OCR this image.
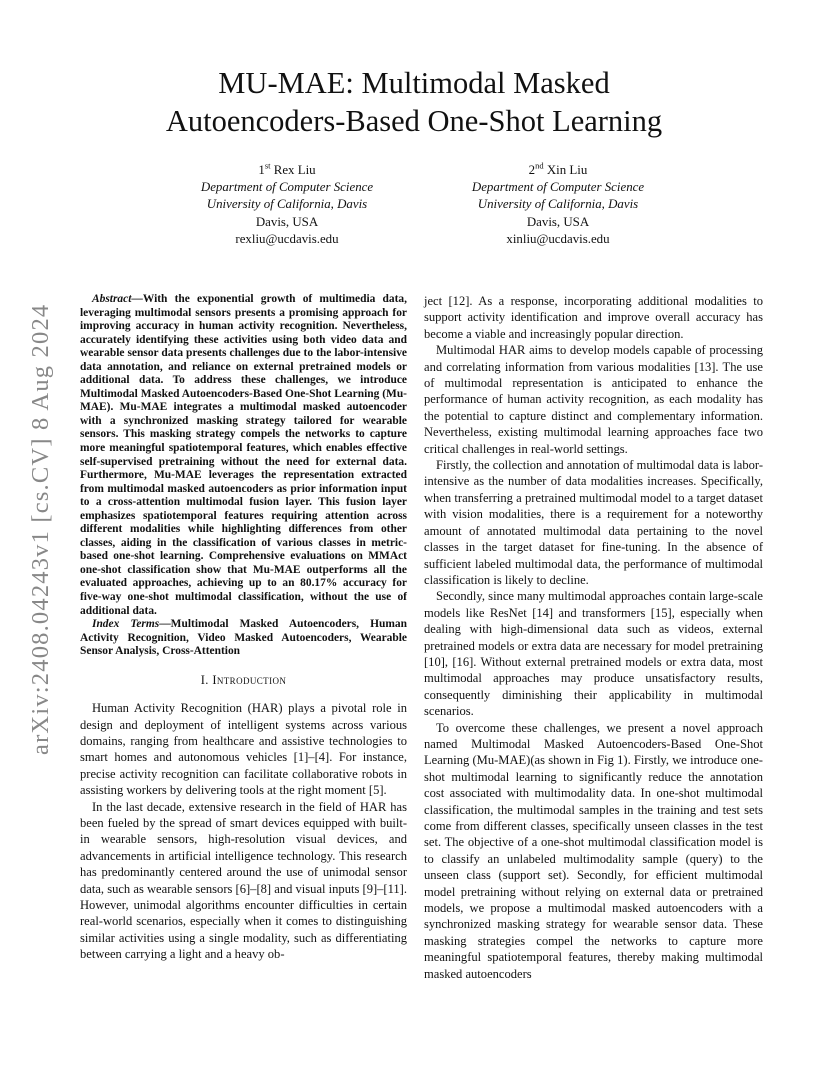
arXiv:2408.04243v1 [cs.CV] 8 Aug 2024
MU-MAE: Multimodal Masked
Autoencoders-Based One-Shot Learning
1st Rex Liu
Department of Computer Science
University of California, Davis
Davis, USA
rexliu@ucdavis.edu
2nd Xin Liu
Department of Computer Science
University of California, Davis
Davis, USA
xinliu@ucdavis.edu

Abstract—With the exponential growth of multimedia data, leveraging multimodal sensors presents a promising approach for improving accuracy in human activity recognition. Nevertheless, accurately identifying these activities using both video data and wearable sensor data presents challenges due to the labor-intensive data annotation, and reliance on external pretrained models or additional data. To address these challenges, we introduce Multimodal Masked Autoencoders-Based One-Shot Learning (Mu-MAE). Mu-MAE integrates a multimodal masked autoencoder with a synchronized masking strategy tailored for wearable sensors. This masking strategy compels the networks to capture more meaningful spatiotemporal features, which enables effective self-supervised pretraining without the need for external data. Furthermore, Mu-MAE leverages the representation extracted from multimodal masked autoencoders as prior information input to a cross-attention multimodal fusion layer. This fusion layer emphasizes spatiotemporal features requiring attention across different modalities while highlighting differences from other classes, aiding in the classification of various classes in metric-based one-shot learning. Comprehensive evaluations on MMAct one-shot classification show that Mu-MAE outperforms all the evaluated approaches, achieving up to an 80.17% accuracy for five-way one-shot multimodal classification, without the use of additional data.

Index Terms—Multimodal Masked Autoencoders, Human Activity Recognition, Video Masked Autoencoders, Wearable Sensor Analysis, Cross-Attention

I. Introduction

Human Activity Recognition (HAR) plays a pivotal role in design and deployment of intelligent systems across various domains, ranging from healthcare and assistive technologies to smart homes and autonomous vehicles [1]–[4]. For instance, precise activity recognition can facilitate collaborative robots in assisting workers by delivering tools at the right moment [5].

In the last decade, extensive research in the field of HAR has been fueled by the spread of smart devices equipped with built-in wearable sensors, high-resolution visual devices, and advancements in artificial intelligence technology. This research has predominantly centered around the use of unimodal sensor data, such as wearable sensors [6]–[8] and visual inputs [9]–[11]. However, unimodal algorithms encounter difficulties in certain real-world scenarios, especially when it comes to distinguishing similar activities using a single modality, such as differentiating between carrying a light and a heavy ob-

ject [12]. As a response, incorporating additional modalities to support activity identification and improve overall accuracy has become a viable and increasingly popular direction.

Multimodal HAR aims to develop models capable of processing and correlating information from various modalities [13]. The use of multimodal representation is anticipated to enhance the performance of human activity recognition, as each modality has the potential to capture distinct and complementary information. Nevertheless, existing multimodal learning approaches face two critical challenges in real-world settings.

Firstly, the collection and annotation of multimodal data is labor-intensive as the number of data modalities increases. Specifically, when transferring a pretrained multimodal model to a target dataset with vision modalities, there is a requirement for a noteworthy amount of annotated multimodal data pertaining to the novel classes in the target dataset for fine-tuning. In the absence of sufficient labeled multimodal data, the performance of multimodal classification is likely to decline.

Secondly, since many multimodal approaches contain large-scale models like ResNet [14] and transformers [15], especially when dealing with high-dimensional data such as videos, external pretrained models or extra data are necessary for model pretraining [10], [16]. Without external pretrained models or extra data, most multimodal approaches may produce unsatisfactory results, consequently diminishing their applicability in multimodal scenarios.

To overcome these challenges, we present a novel approach named Multimodal Masked Autoencoders-Based One-Shot Learning (Mu-MAE)(as shown in Fig 1). Firstly, we introduce one-shot multimodal learning to significantly reduce the annotation cost associated with multimodality data. In one-shot multimodal classification, the multimodal samples in the training and test sets come from different classes, specifically unseen classes in the test set. The objective of a one-shot multimodal classification model is to classify an unlabeled multimodality sample (query) to the unseen class (support set). Secondly, for efficient multimodal model pretraining without relying on external data or pretrained models, we propose a multimodal masked autoencoders with a synchronized masking strategy for wearable sensor data. These masking strategies compel the networks to capture more meaningful spatiotemporal features, thereby making multimodal masked autoencoders
